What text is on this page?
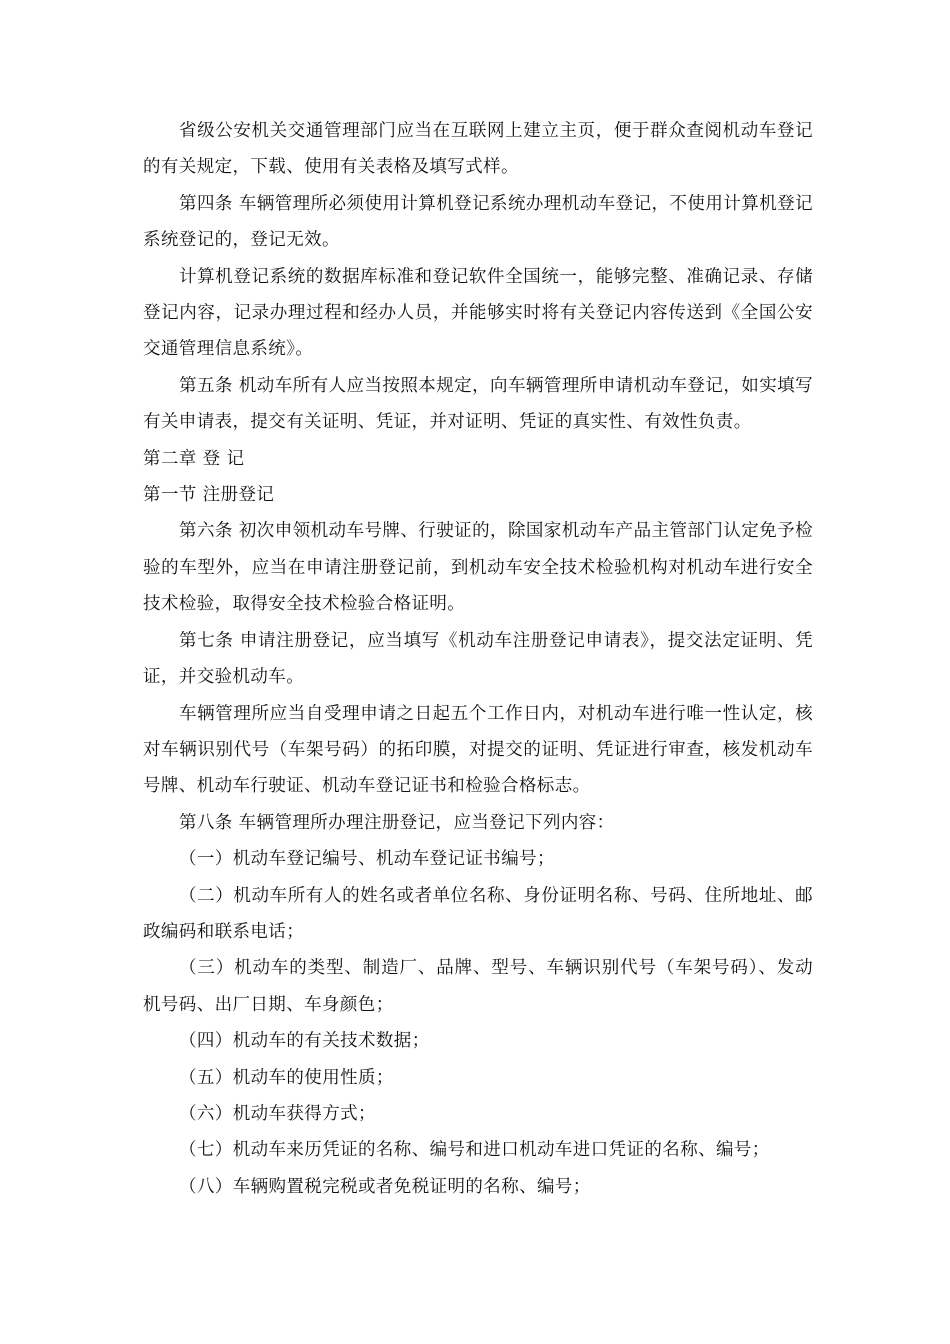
省级公安机关交通管理部门应当在互联网上建立主页，便于群众查阅机动车登记的有关规定，下载、使用有关表格及填写式样。

第四条 车辆管理所必须使用计算机登记系统办理机动车登记，不使用计算机登记系统登记的，登记无效。

计算机登记系统的数据库标准和登记软件全国统一，能够完整、准确记录、存储登记内容，记录办理过程和经办人员，并能够实时将有关登记内容传送到《全国公安交通管理信息系统》。

第五条 机动车所有人应当按照本规定，向车辆管理所申请机动车登记，如实填写有关申请表，提交有关证明、凭证，并对证明、凭证的真实性、有效性负责。

第二章 登 记

第一节 注册登记

第六条 初次申领机动车号牌、行驶证的，除国家机动车产品主管部门认定免予检验的车型外，应当在申请注册登记前，到机动车安全技术检验机构对机动车进行安全技术检验，取得安全技术检验合格证明。

第七条 申请注册登记，应当填写《机动车注册登记申请表》，提交法定证明、凭证，并交验机动车。

车辆管理所应当自受理申请之日起五个工作日内，对机动车进行唯一性认定，核对车辆识别代号（车架号码）的拓印膜，对提交的证明、凭证进行审查，核发机动车号牌、机动车行驶证、机动车登记证书和检验合格标志。

第八条 车辆管理所办理注册登记，应当登记下列内容：

（一）机动车登记编号、机动车登记证书编号；

（二）机动车所有人的姓名或者单位名称、身份证明名称、号码、住所地址、邮政编码和联系电话；

（三）机动车的类型、制造厂、品牌、型号、车辆识别代号（车架号码）、发动机号码、出厂日期、车身颜色；

（四）机动车的有关技术数据；

（五）机动车的使用性质；

（六）机动车获得方式；

（七）机动车来历凭证的名称、编号和进口机动车进口凭证的名称、编号；

（八）车辆购置税完税或者免税证明的名称、编号；
